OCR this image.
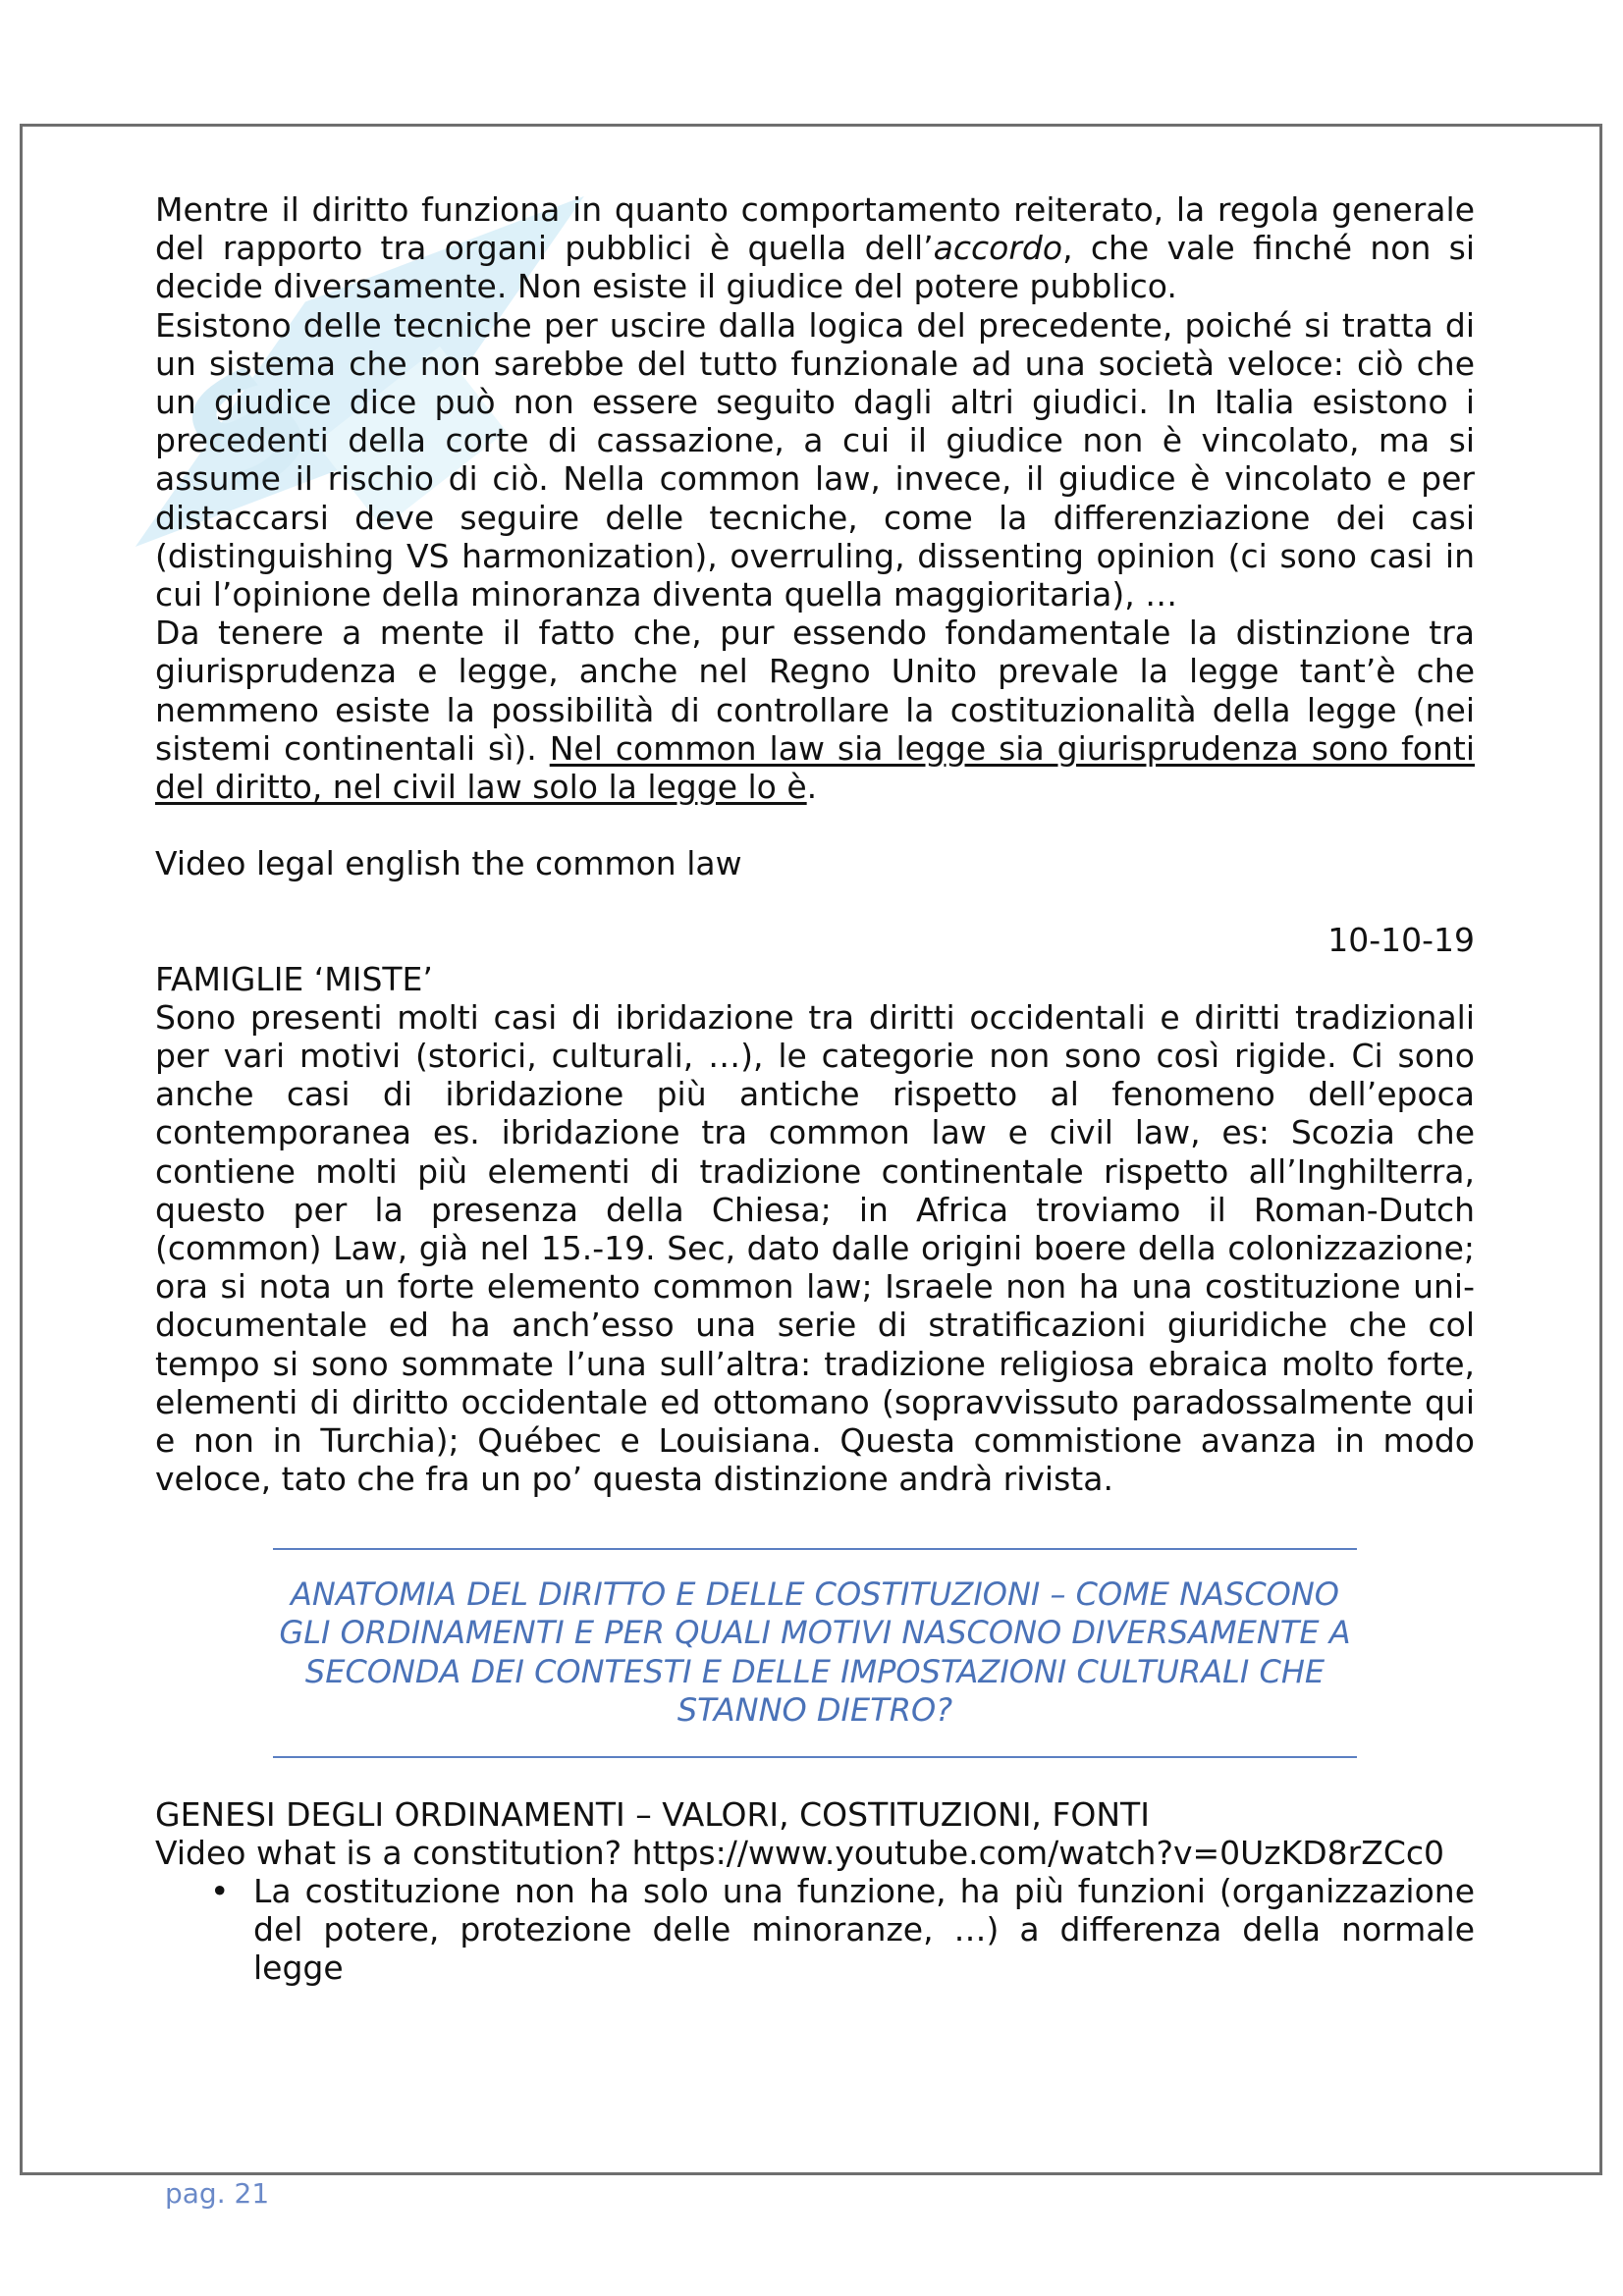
S

Mentre il diritto funziona in quanto comportamento reiterato, la regola generale del rapporto tra organi pubblici è quella dell’accordo, che vale finché non si decide diversamente. Non esiste il giudice del potere pubblico.

Esistono delle tecniche per uscire dalla logica del precedente, poiché si tratta di un sistema che non sarebbe del tutto funzionale ad una società veloce: ciò che un giudice dice può non essere seguito dagli altri giudici. In Italia esistono i precedenti della corte di cassazione, a cui il giudice non è vincolato, ma si assume il rischio di ciò. Nella common law, invece, il giudice è vincolato e per distaccarsi deve seguire delle tecniche, come la differenziazione dei casi (distinguishing VS harmonization), overruling, dissenting opinion (ci sono casi in cui l’opinione della minoranza diventa quella maggioritaria), …

Da tenere a mente il fatto che, pur essendo fondamentale la distinzione tra giurisprudenza e legge, anche nel Regno Unito prevale la legge tant’è che nemmeno esiste la possibilità di controllare la costituzionalità della legge (nei sistemi continentali sì). Nel common law sia legge sia giurisprudenza sono fonti del diritto, nel civil law solo la legge lo è.

Video legal english the common law

10-10-19

FAMIGLIE ‘MISTE’

Sono presenti molti casi di ibridazione tra diritti occidentali e diritti tradizionali per vari motivi (storici, culturali, …), le categorie non sono così rigide. Ci sono anche casi di ibridazione più antiche rispetto al fenomeno dell’epoca contemporanea es. ibridazione tra common law e civil law, es: Scozia che contiene molti più elementi di tradizione continentale rispetto all’Inghilterra, questo per la presenza della Chiesa; in Africa troviamo il Roman-Dutch (common) Law, già nel 15.-19. Sec, dato dalle origini boere della colonizzazione; ora si nota un forte elemento common law; Israele non ha una costituzione uni-documentale ed ha anch’esso una serie di stratificazioni giuridiche che col tempo si sono sommate l’una sull’altra: tradizione religiosa ebraica molto forte, elementi di diritto occidentale ed ottomano (sopravvissuto paradossalmente qui e non in Turchia); Québec e Louisiana. Questa commistione avanza in modo veloce, tato che fra un po’ questa distinzione andrà rivista.

ANATOMIA DEL DIRITTO E DELLE COSTITUZIONI – COME NASCONO GLI ORDINAMENTI E PER QUALI MOTIVI NASCONO DIVERSAMENTE A SECONDA DEI CONTESTI E DELLE IMPOSTAZIONI CULTURALI CHE STANNO DIETRO?

GENESI DEGLI ORDINAMENTI – VALORI, COSTITUZIONI, FONTI

Video what is a constitution? https://www.youtube.com/watch?v=0UzKD8rZCc0

• La costituzione non ha solo una funzione, ha più funzioni (organizzazione del potere, protezione delle minoranze, …) a differenza della normale legge
pag. 21
